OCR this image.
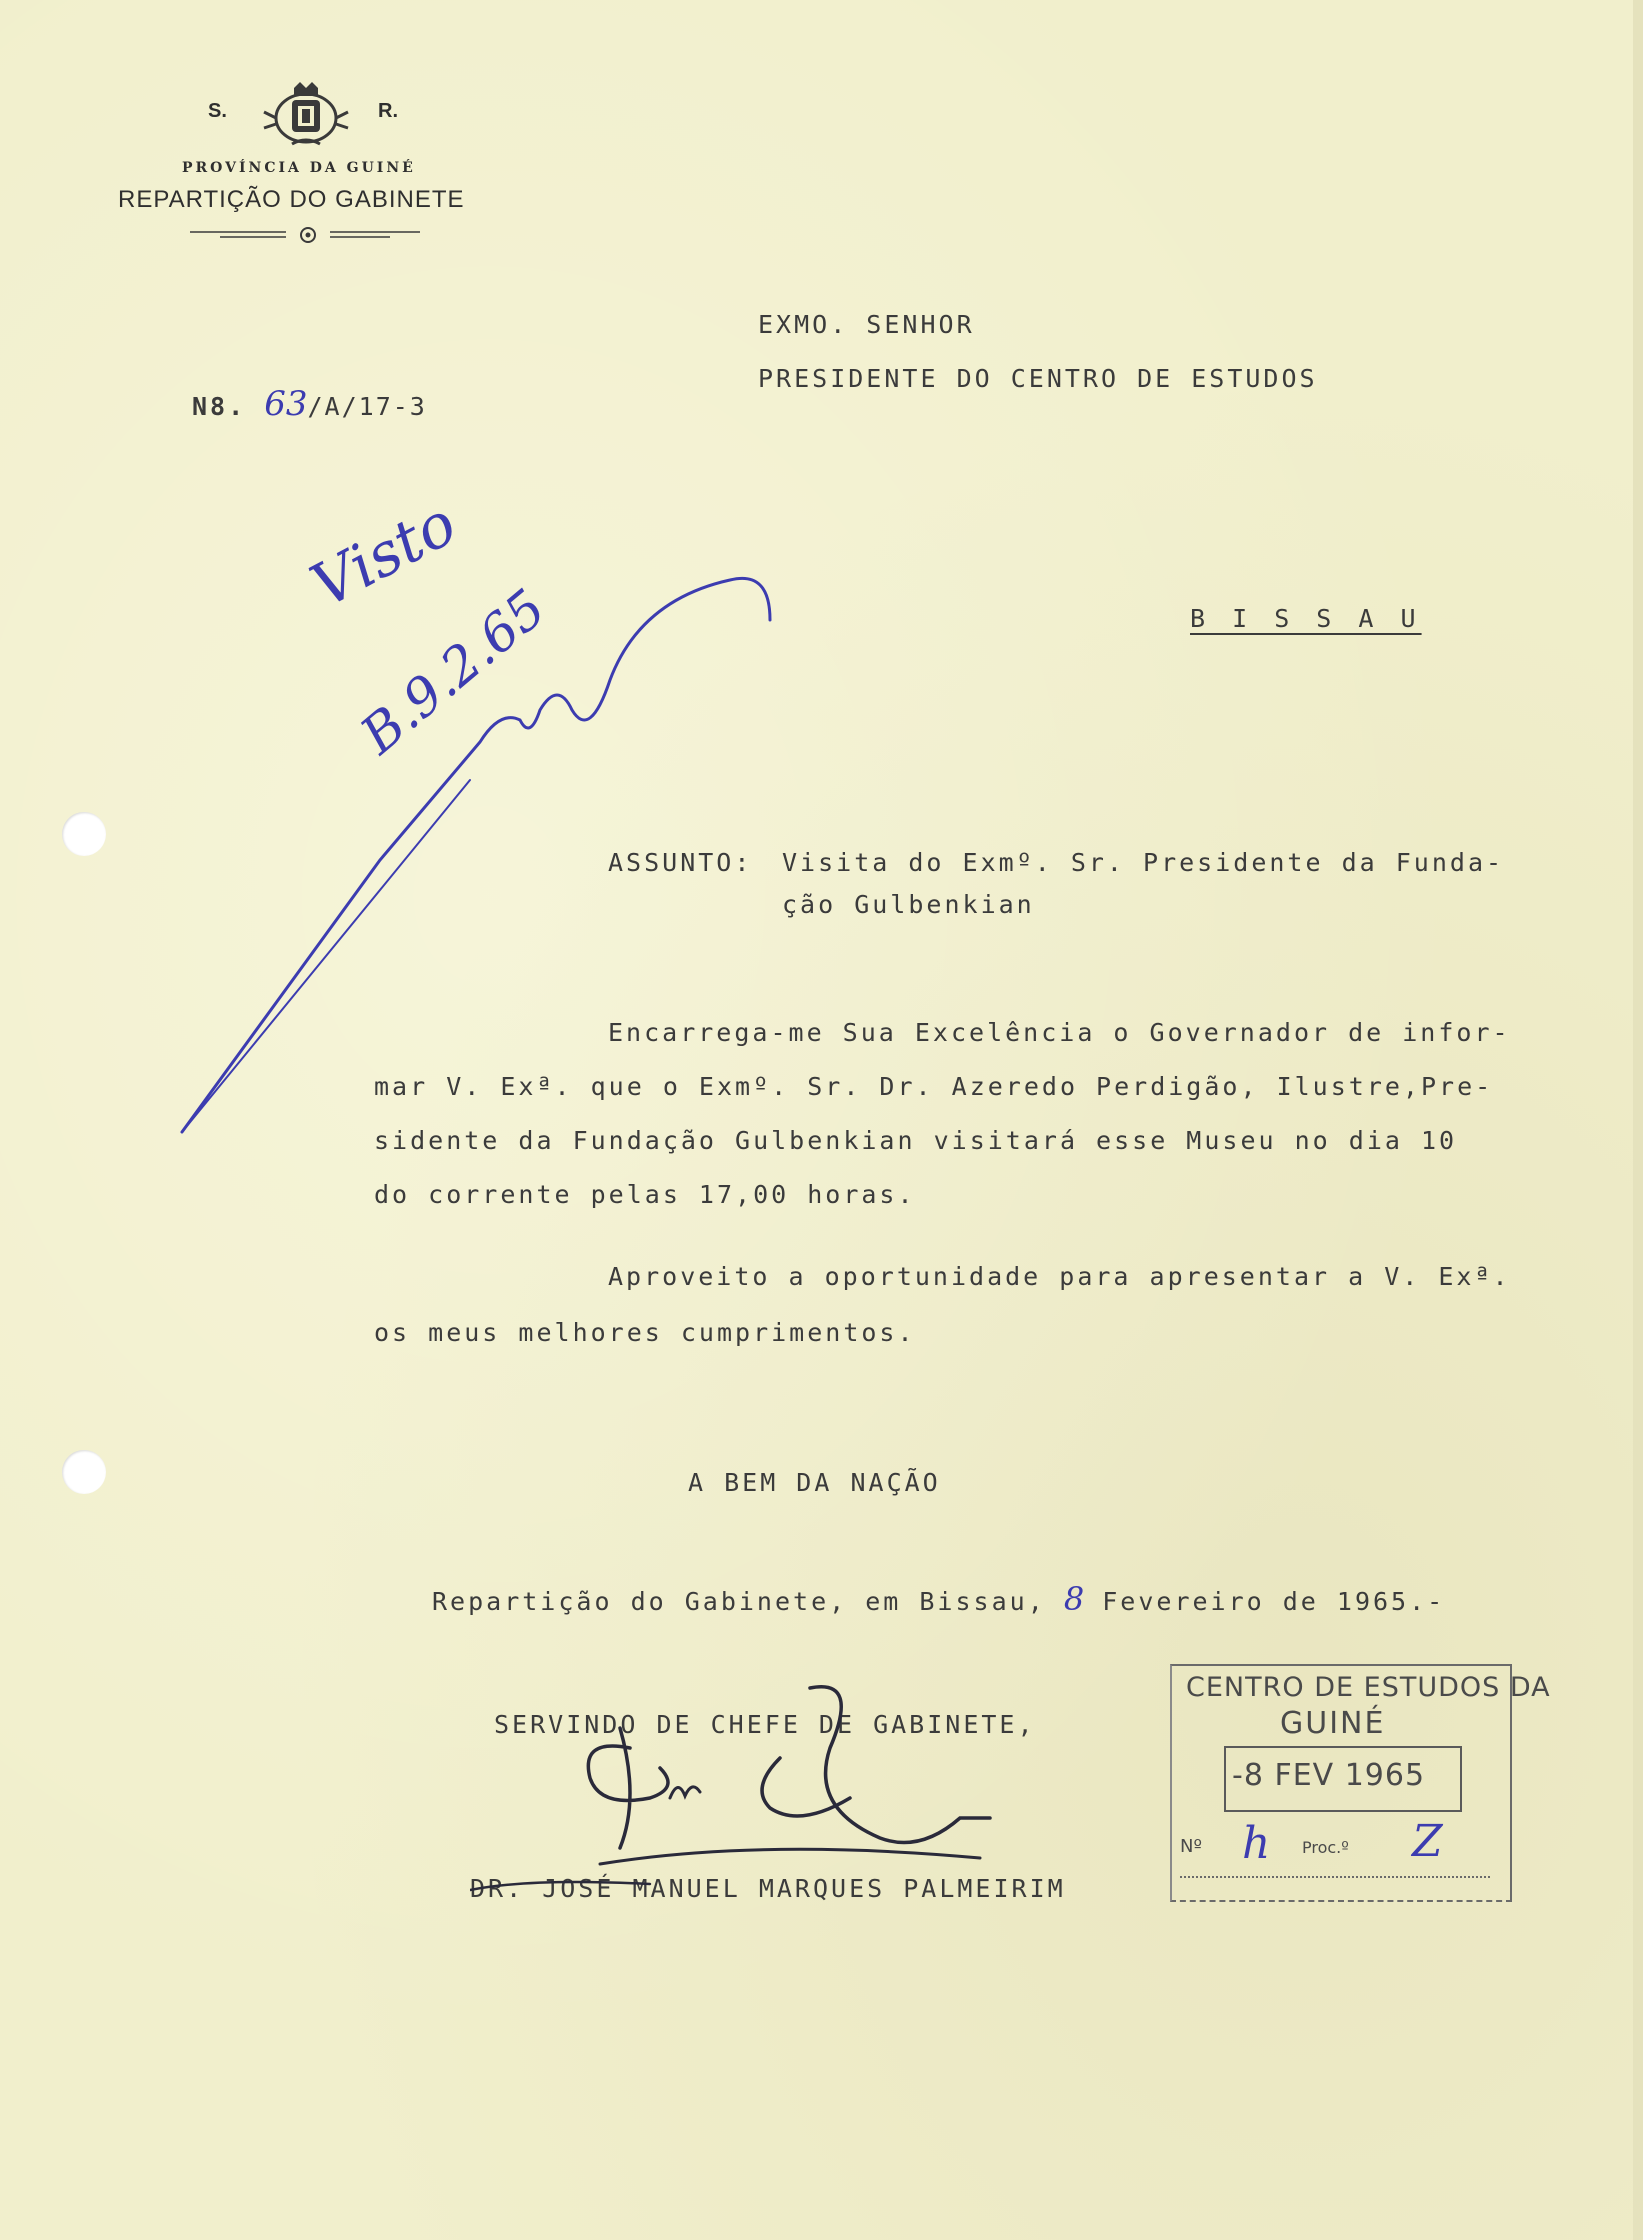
S.	R.
PROVÍNCIA DA GUINÉ
REPARTIÇÃO DO GABINETE
EXMO. SENHOR
PRESIDENTE DO CENTRO DE ESTUDOS
N8. 63/A/17-3
B I S S A U
Visto
B.9.2.65
ASSUNTO: Visita do Exmº. Sr. Presidente da Funda-
ção Gulbenkian
Encarrega-me Sua Excelência o Governador de infor-
mar V. Exª. que o Exmº. Sr. Dr. Azeredo Perdigão, Ilustre,Pre-
sidente da Fundação Gulbenkian visitará esse Museu no dia 10
do corrente pelas 17,00 horas.
Aproveito a oportunidade para apresentar a V. Exª.
os meus melhores cumprimentos.
A BEM DA NAÇÃO
Repartição do Gabinete, em Bissau, 8 Fevereiro de 1965.-
SERVINDO DE CHEFE DE GABINETE,
DR. JOSÉ MANUEL MARQUES PALMEIRIM
CENTRO DE ESTUDOS DA
GUINÉ
-8 FEV 1965
Nº h Proc.º Z
